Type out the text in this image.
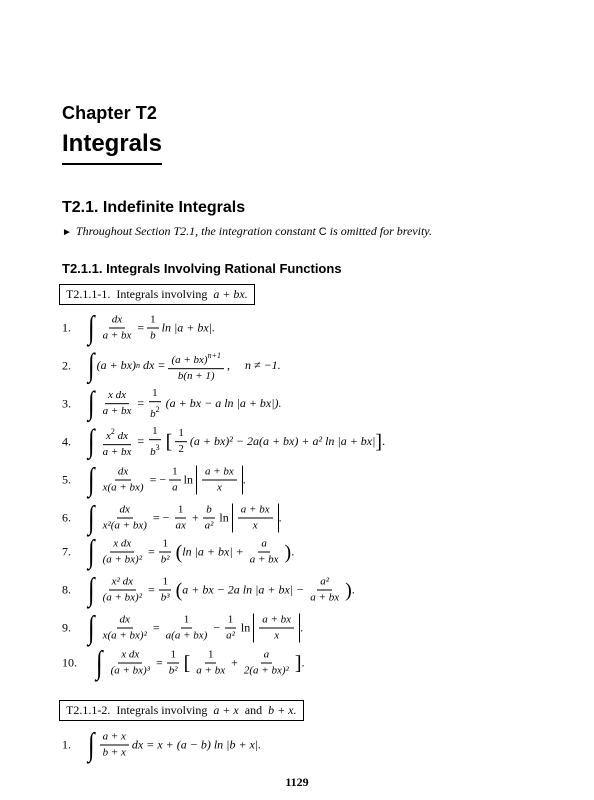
Chapter T2
Integrals
T2.1. Indefinite Integrals
► Throughout Section T2.1, the integration constant C is omitted for brevity.
T2.1.1. Integrals Involving Rational Functions
T2.1.1-1. Integrals involving a + bx.
1. ∫ $\frac{dx}{a + bx} = \frac{1}{b}$ ln |a + bx|.
2. ∫ (a + bx) n
dx = $\frac{(a + bx)^{n+1}}{b(n + 1)}$ ,
n ≠ −1.
3. ∫ $\frac{\text{x dx}}{a + bx} = \frac{1}{b^2} (a$ + bx − a ln |a + bx|).
4. ∫ $\frac{x^2 dx}{a + bx} = \frac{1}{b^3}$ [ $\frac{1}{2} (a + bx)^2 - 2a(a + bx) + a^2$ ln |a + bx| ] .
5. ∫ $\frac{dx}{x(a + bx)}$ = − $\frac{1}{a}$ ln
$\frac{a + bx}{x}$ .
6. ∫ $\frac{dx}{\text{x²(a + bx)}}$ = − $\frac{1}{ax} + \frac{b}{\text{a²}}$ ln
$\frac{a + bx}{x}$ .
7. ∫ $\frac{\text{x dx}}{\text{(a + bx)²}} = \frac{1}{\text{b²}}$ ( $\ln |a + bx| + \frac{a}{a + bx}$ ) .
8. ∫ $\frac{\text{x² dx}}{\text{(a + bx)²}} = \frac{1}{\text{b³}}$ ( a + bx − 2a $\ln |a + bx| - \frac{\text{a²}}{a + bx}$ ) .
9. ∫ $\frac{dx}{\text{x(a + bx)²}} = \frac{1}{a(a + bx)} - \frac{1}{\text{a²}}$ ln
$\frac{a + bx}{x}$ .
10. ∫ $\frac{\text{x dx}}{\text{(a + bx)³}} = \frac{1}{\text{b²}}$ [ $\frac{1}{a + bx} + \frac{a}{\text{2(a + bx)²}}$ ] .
T2.1.1-2. Integrals involving a + x and b + x.
1. ∫ $\frac{a + x}{b + x}$ dx = x + (a − b) ln |b + x|.
1129
